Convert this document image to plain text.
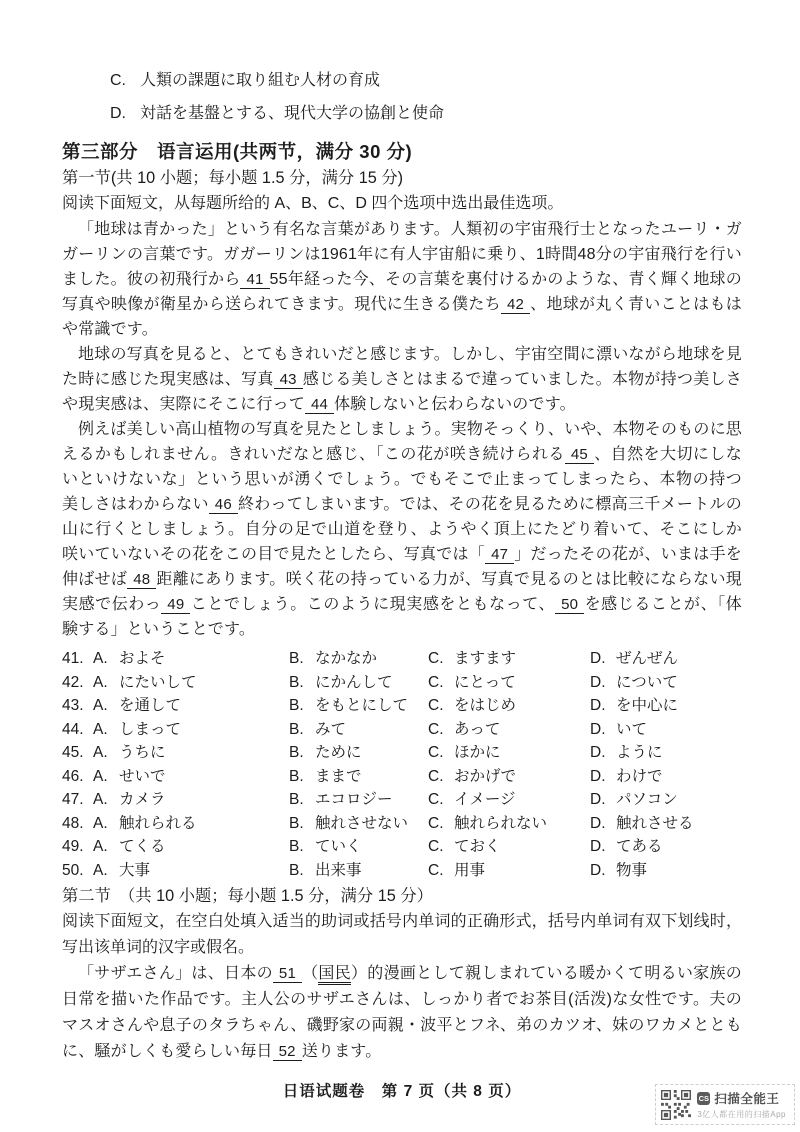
C. 人類の課題に取り組む人材の育成
D. 対話を基盤とする、現代大学の協創と使命
第三部分　语言运用(共两节，满分 30 分)
第一节(共 10 小题；每小题 1.5 分，满分 15 分)
阅读下面短文，从每题所给的 A、B、C、D 四个选项中选出最佳选项。

「地球は青かった」という有名な言葉があります。人類初の宇宙飛行士となったユーリ・ガガーリンの言葉です。ガガーリンは1961年に有人宇宙船に乗り、1時間48分の宇宙飛行を行いました。彼の初飛行から 41 55年経った今、その言葉を裏付けるかのような、青く輝く地球の写真や映像が衛星から送られてきます。現代に生きる僕たち 42 、地球が丸く青いことはもはや常識です。

地球の写真を見ると、とてもきれいだと感じます。しかし、宇宙空間に漂いながら地球を見た時に感じた現実感は、写真 43 感じる美しさとはまるで違っていました。本物が持つ美しさや現実感は、実際にそこに行って 44 体験しないと伝わらないのです。

例えば美しい高山植物の写真を見たとしましょう。実物そっくり、いや、本物そのものに思えるかもしれません。きれいだなと感じ、「この花が咲き続けられる 45 、自然を大切にしないといけないな」という思いが湧くでしょう。でもそこで止まってしまったら、本物の持つ美しさはわからない 46 終わってしまいます。では、その花を見るために標高三千メートルの山に行くとしましょう。自分の足で山道を登り、ようやく頂上にたどり着いて、そこにしか咲いていないその花をこの目で見たとしたら、写真では「 47 」だったその花が、いまは手を伸ばせば 48 距離にあります。咲く花の持っている力が、写真で見るのとは比較にならない現実感で伝わっ 49 ことでしょう。このように現実感をともなって、 50 を感じることが、「体験する」ということです。

41. A. およそ	B. なかなか	C. ますます	D. ぜんぜん
42. A. にたいして	B. にかんして C. にとって	D. について
43. A. を通して	B. をもとにして C. をはじめ	D. を中心に
44. A. しまって	B. みて	C. あって	D. いて
45. A. うちに	B. ために	C. ほかに	D. ように
46. A. せいで	B. ままで	C. おかげで	D. わけで
47. A. カメラ	B. エコロジー C. イメージ	D. パソコン
48. A. 触れられる	B. 触れさせない C. 触れられない	D. 触れさせる
49. A. てくる	B. ていく	C. ておく	D. てある
50. A. 大事	B. 出来事	C. 用事	D. 物事
第二节　（共 10 小题；每小题 1.5 分，满分 15 分）
阅读下面短文，在空白处填入适当的助词或括号内单词的正确形式，括号内单词有双下划线时，写出该单词的汉字或假名。

「サザエさん」は、日本の 51 （国民）的漫画として親しまれている暖かくて明るい家族の日常を描いた作品です。主人公のサザエさんは、しっかり者でお茶目(活泼)な女性です。夫のマスオさんや息子のタラちゃん、磯野家の両親・波平とフネ、弟のカツオ、妹のワカメとともに、騒がしくも愛らしい毎日 52 送ります。

日语试题卷　第 7 页（共 8 页）	CS 扫描全能王
3亿人都在用的扫描App
